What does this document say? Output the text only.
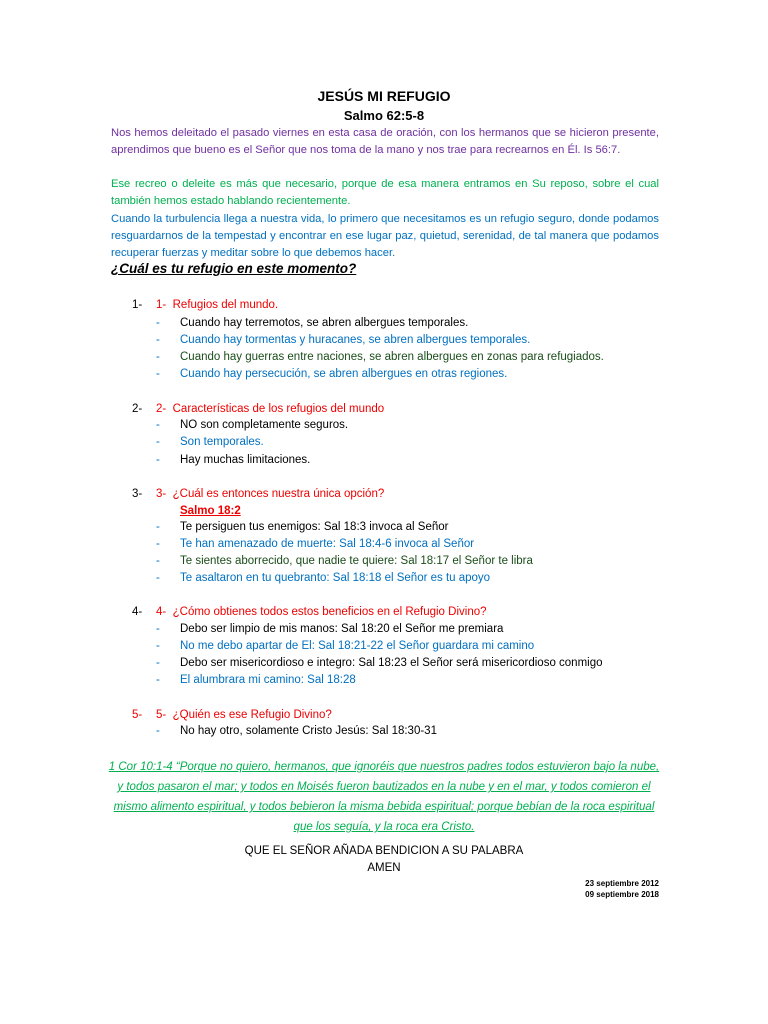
JESÚS MI REFUGIO
Salmo 62:5-8
Nos hemos deleitado el pasado viernes en esta casa de oración, con los hermanos que se hicieron presente, aprendimos que bueno es el Señor que nos toma de la mano y nos trae para recrearnos en Él. Is 56:7.
Ese recreo o deleite es más que necesario, porque de esa manera entramos en Su reposo, sobre el cual también hemos estado hablando recientemente.
Cuando la turbulencia llega a nuestra vida, lo primero que necesitamos es un refugio seguro, donde podamos resguardarnos de la tempestad y encontrar en ese lugar paz, quietud, serenidad, de tal manera que podamos recuperar fuerzas y meditar sobre lo que debemos hacer.
¿Cuál es tu refugio en este momento?
1- 1- Refugios del mundo.
- Cuando hay terremotos, se abren albergues temporales.
- Cuando hay tormentas y huracanes, se abren albergues temporales.
- Cuando hay guerras entre naciones, se abren albergues en zonas para refugiados.
- Cuando hay persecución, se abren albergues en otras regiones.
2- 2- Características de los refugios del mundo
- NO son completamente seguros.
- Son temporales.
- Hay muchas limitaciones.
3- 3- ¿Cuál es entonces nuestra única opción?
Salmo 18:2
- Te persiguen tus enemigos: Sal 18:3 invoca al Señor
- Te han amenazado de muerte: Sal 18:4-6 invoca al Señor
- Te sientes aborrecido, que nadie te quiere: Sal 18:17 el Señor te libra
- Te asaltaron en tu quebranto: Sal 18:18 el Señor es tu apoyo
4- 4- ¿Cómo obtienes todos estos beneficios en el Refugio Divino?
- Debo ser limpio de mis manos: Sal 18:20 el Señor me premiara
- No me debo apartar de El: Sal 18:21-22 el Señor guardara mi camino
- Debo ser misericordioso e integro: Sal 18:23 el Señor será misericordioso conmigo
- El alumbrara mi camino: Sal 18:28
5- 5- ¿Quién es ese Refugio Divino?
- No hay otro, solamente Cristo Jesús: Sal 18:30-31
1 Cor 10:1-4 “Porque no quiero, hermanos, que ignoréis que nuestros padres todos estuvieron bajo la nube, y todos pasaron el mar; y todos en Moisés fueron bautizados en la nube y en el mar, y todos comieron el mismo alimento espiritual, y todos bebieron la misma bebida espiritual; porque bebían de la roca espiritual que los seguía, y la roca era Cristo.
QUE EL SEÑOR AÑADA BENDICION A SU PALABRA
AMEN
23 septiembre 2012
09 septiembre 2018
